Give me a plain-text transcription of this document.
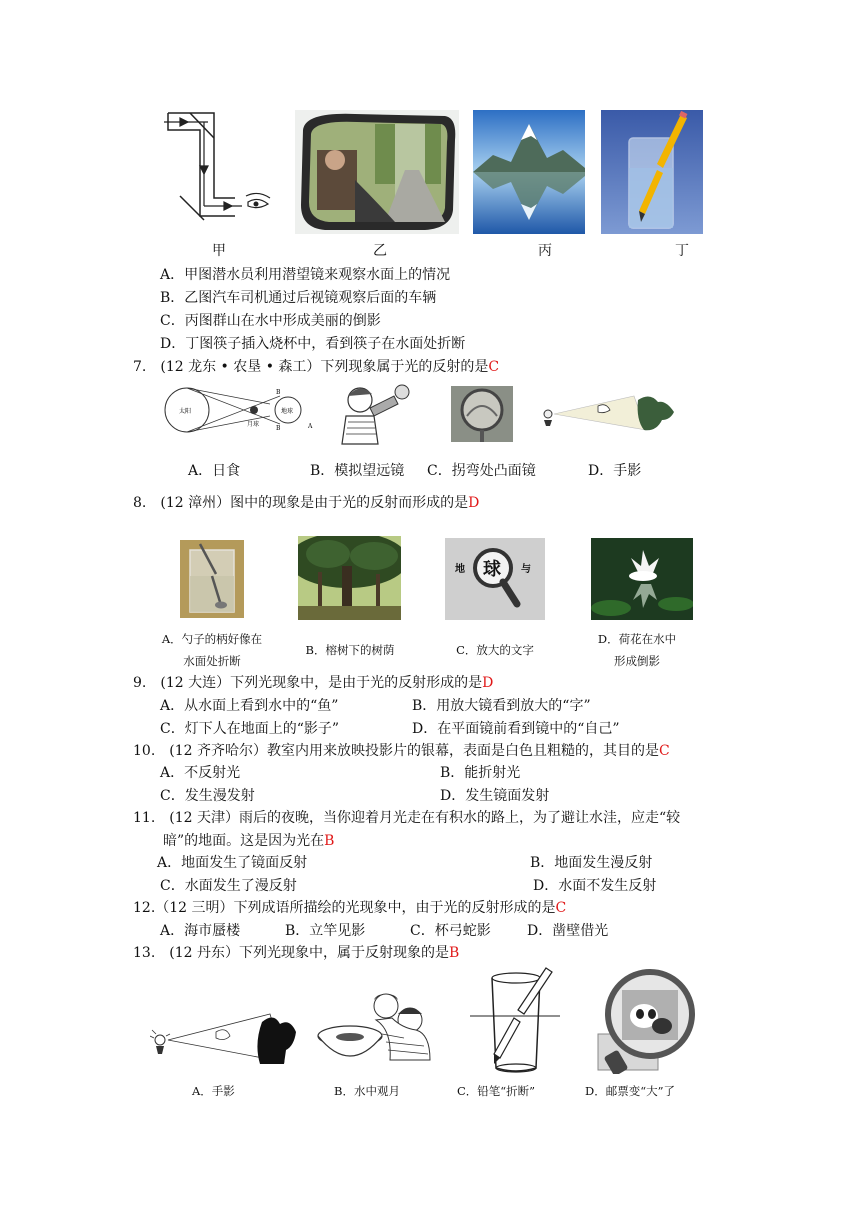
甲	乙	丙	丁
A．甲图潜水员利用潜望镜来观察水面上的情况
B．乙图汽车司机通过后视镜观察后面的车辆
C．丙图群山在水中形成美丽的倒影
D．丁图筷子插入烧杯中，看到筷子在水面处折断
7.　(12 龙东 • 农垦 • 森工）下列现象属于光的反射的是C
太阳	地球
月球
B
B	A
A．日食	B．模拟望远镜 C．拐弯处凸面镜	D．手影
8.　(12 漳州）图中的现象是由于光的反射而形成的是D
地 球 与
A．勺子的柄好像在
水面处折断
B．榕树下的树荫	C．放大的文字
D．荷花在水中
形成倒影
9.　(12 大连）下列光现象中，是由于光的反射形成的是D
A．从水面上看到水中的“鱼”	B．用放大镜看到放大的“字”
C．灯下人在地面上的“影子”	D．在平面镜前看到镜中的“自己”
10.　(12 齐齐哈尔）教室内用来放映投影片的银幕，表面是白色且粗糙的，其目的是C
A．不反射光	B．能折射光
C．发生漫发射	D．发生镜面发射
11.　(12 天津）雨后的夜晚，当你迎着月光走在有积水的路上，为了避让水洼，应走“较
暗”的地面。这是因为光在B
A．地面发生了镜面反射	B．地面发生漫反射
C．水面发生了漫反射	D．水面不发生反射
12.（12 三明）下列成语所描绘的光现象中，由于光的反射形成的是C
A．海市蜃楼	B．立竿见影	C．杯弓蛇影	D．凿壁借光
13.　(12 丹东）下列光现象中，属于反射现象的是B
A．手影	B．水中观月	C．铅笔“折断”	D．邮票变“大”了
